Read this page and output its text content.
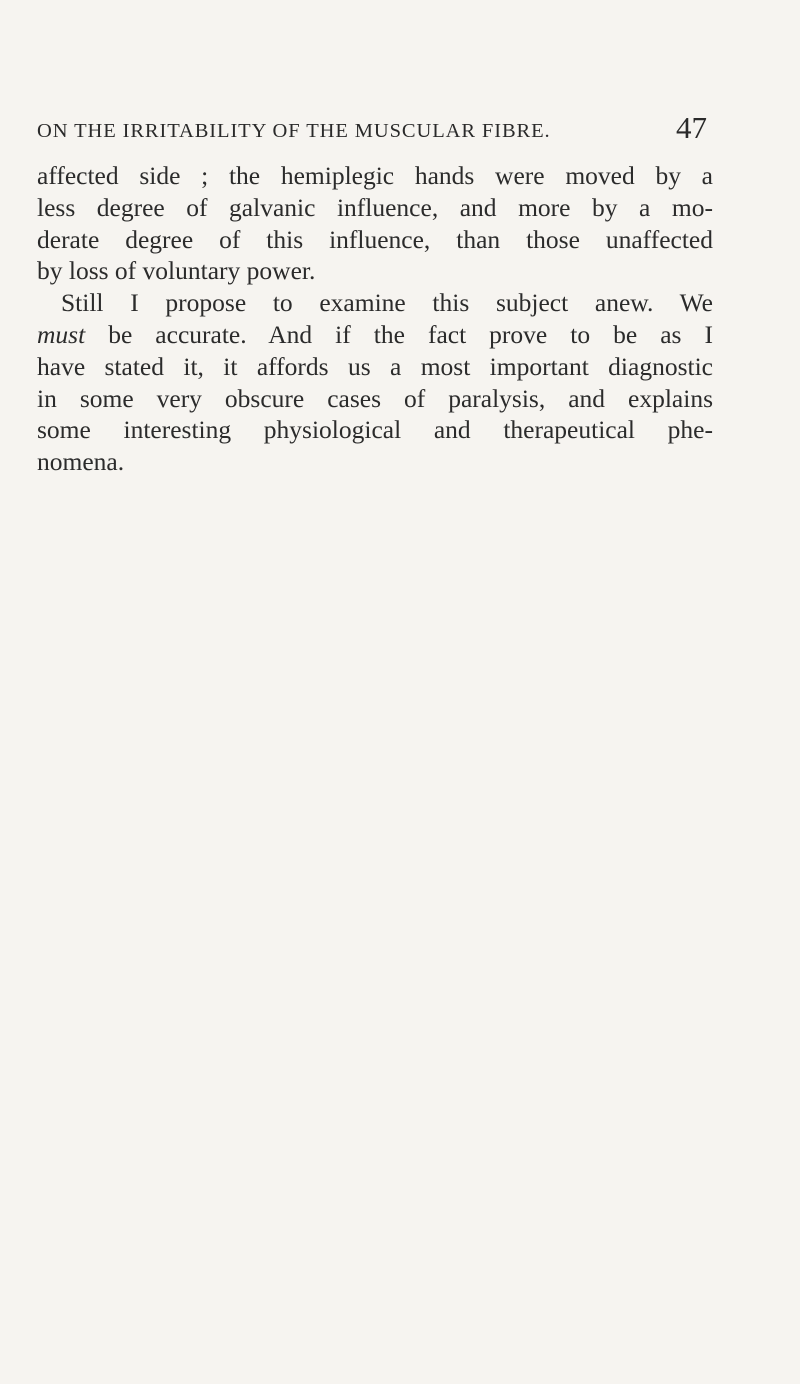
ON THE IRRITABILITY OF THE MUSCULAR FIBRE.	47
affected side ; the hemiplegic hands were moved by a
less degree of galvanic influence, and more by a mo-
derate degree of this influence, than those unaffected
by loss of voluntary power.
Still I propose to examine this subject anew. We
must be accurate. And if the fact prove to be as I
have stated it, it affords us a most important diagnostic
in some very obscure cases of paralysis, and explains
some interesting physiological and therapeutical phe-
nomena.
